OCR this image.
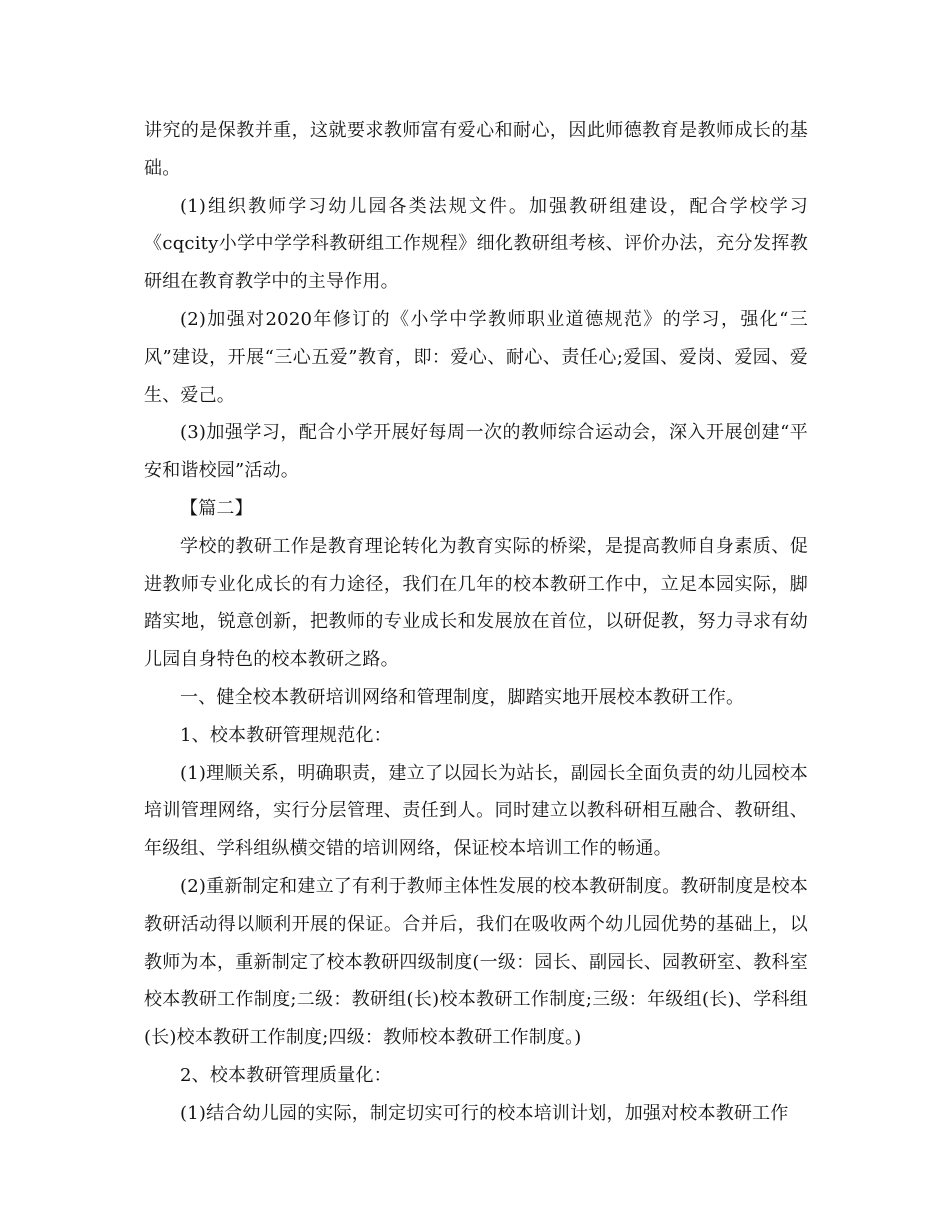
讲究的是保教并重，这就要求教师富有爱心和耐心，因此师德教育是教师成长的基础。

(1)组织教师学习幼儿园各类法规文件。加强教研组建设，配合学校学习《cqcity小学中学学科教研组工作规程》细化教研组考核、评价办法，充分发挥教研组在教育教学中的主导作用。

(2)加强对2020年修订的《小学中学教师职业道德规范》的学习，强化“三风”建设，开展“三心五爱”教育，即：爱心、耐心、责任心;爱国、爱岗、爱园、爱生、爱己。

(3)加强学习，配合小学开展好每周一次的教师综合运动会，深入开展创建“平安和谐校园”活动。

【篇二】

学校的教研工作是教育理论转化为教育实际的桥梁，是提高教师自身素质、促进教师专业化成长的有力途径，我们在几年的校本教研工作中，立足本园实际，脚踏实地，锐意创新，把教师的专业成长和发展放在首位，以研促教，努力寻求有幼儿园自身特色的校本教研之路。

一、健全校本教研培训网络和管理制度，脚踏实地开展校本教研工作。

1、校本教研管理规范化：

(1)理顺关系，明确职责，建立了以园长为站长，副园长全面负责的幼儿园校本培训管理网络，实行分层管理、责任到人。同时建立以教科研相互融合、教研组、年级组、学科组纵横交错的培训网络，保证校本培训工作的畅通。

(2)重新制定和建立了有利于教师主体性发展的校本教研制度。教研制度是校本教研活动得以顺利开展的保证。合并后，我们在吸收两个幼儿园优势的基础上，以教师为本，重新制定了校本教研四级制度(一级：园长、副园长、园教研室、教科室校本教研工作制度;二级：教研组(长)校本教研工作制度;三级：年级组(长)、学科组(长)校本教研工作制度;四级：教师校本教研工作制度。)

2、校本教研管理质量化：

(1)结合幼儿园的实际，制定切实可行的校本培训计划，加强对校本教研工作
